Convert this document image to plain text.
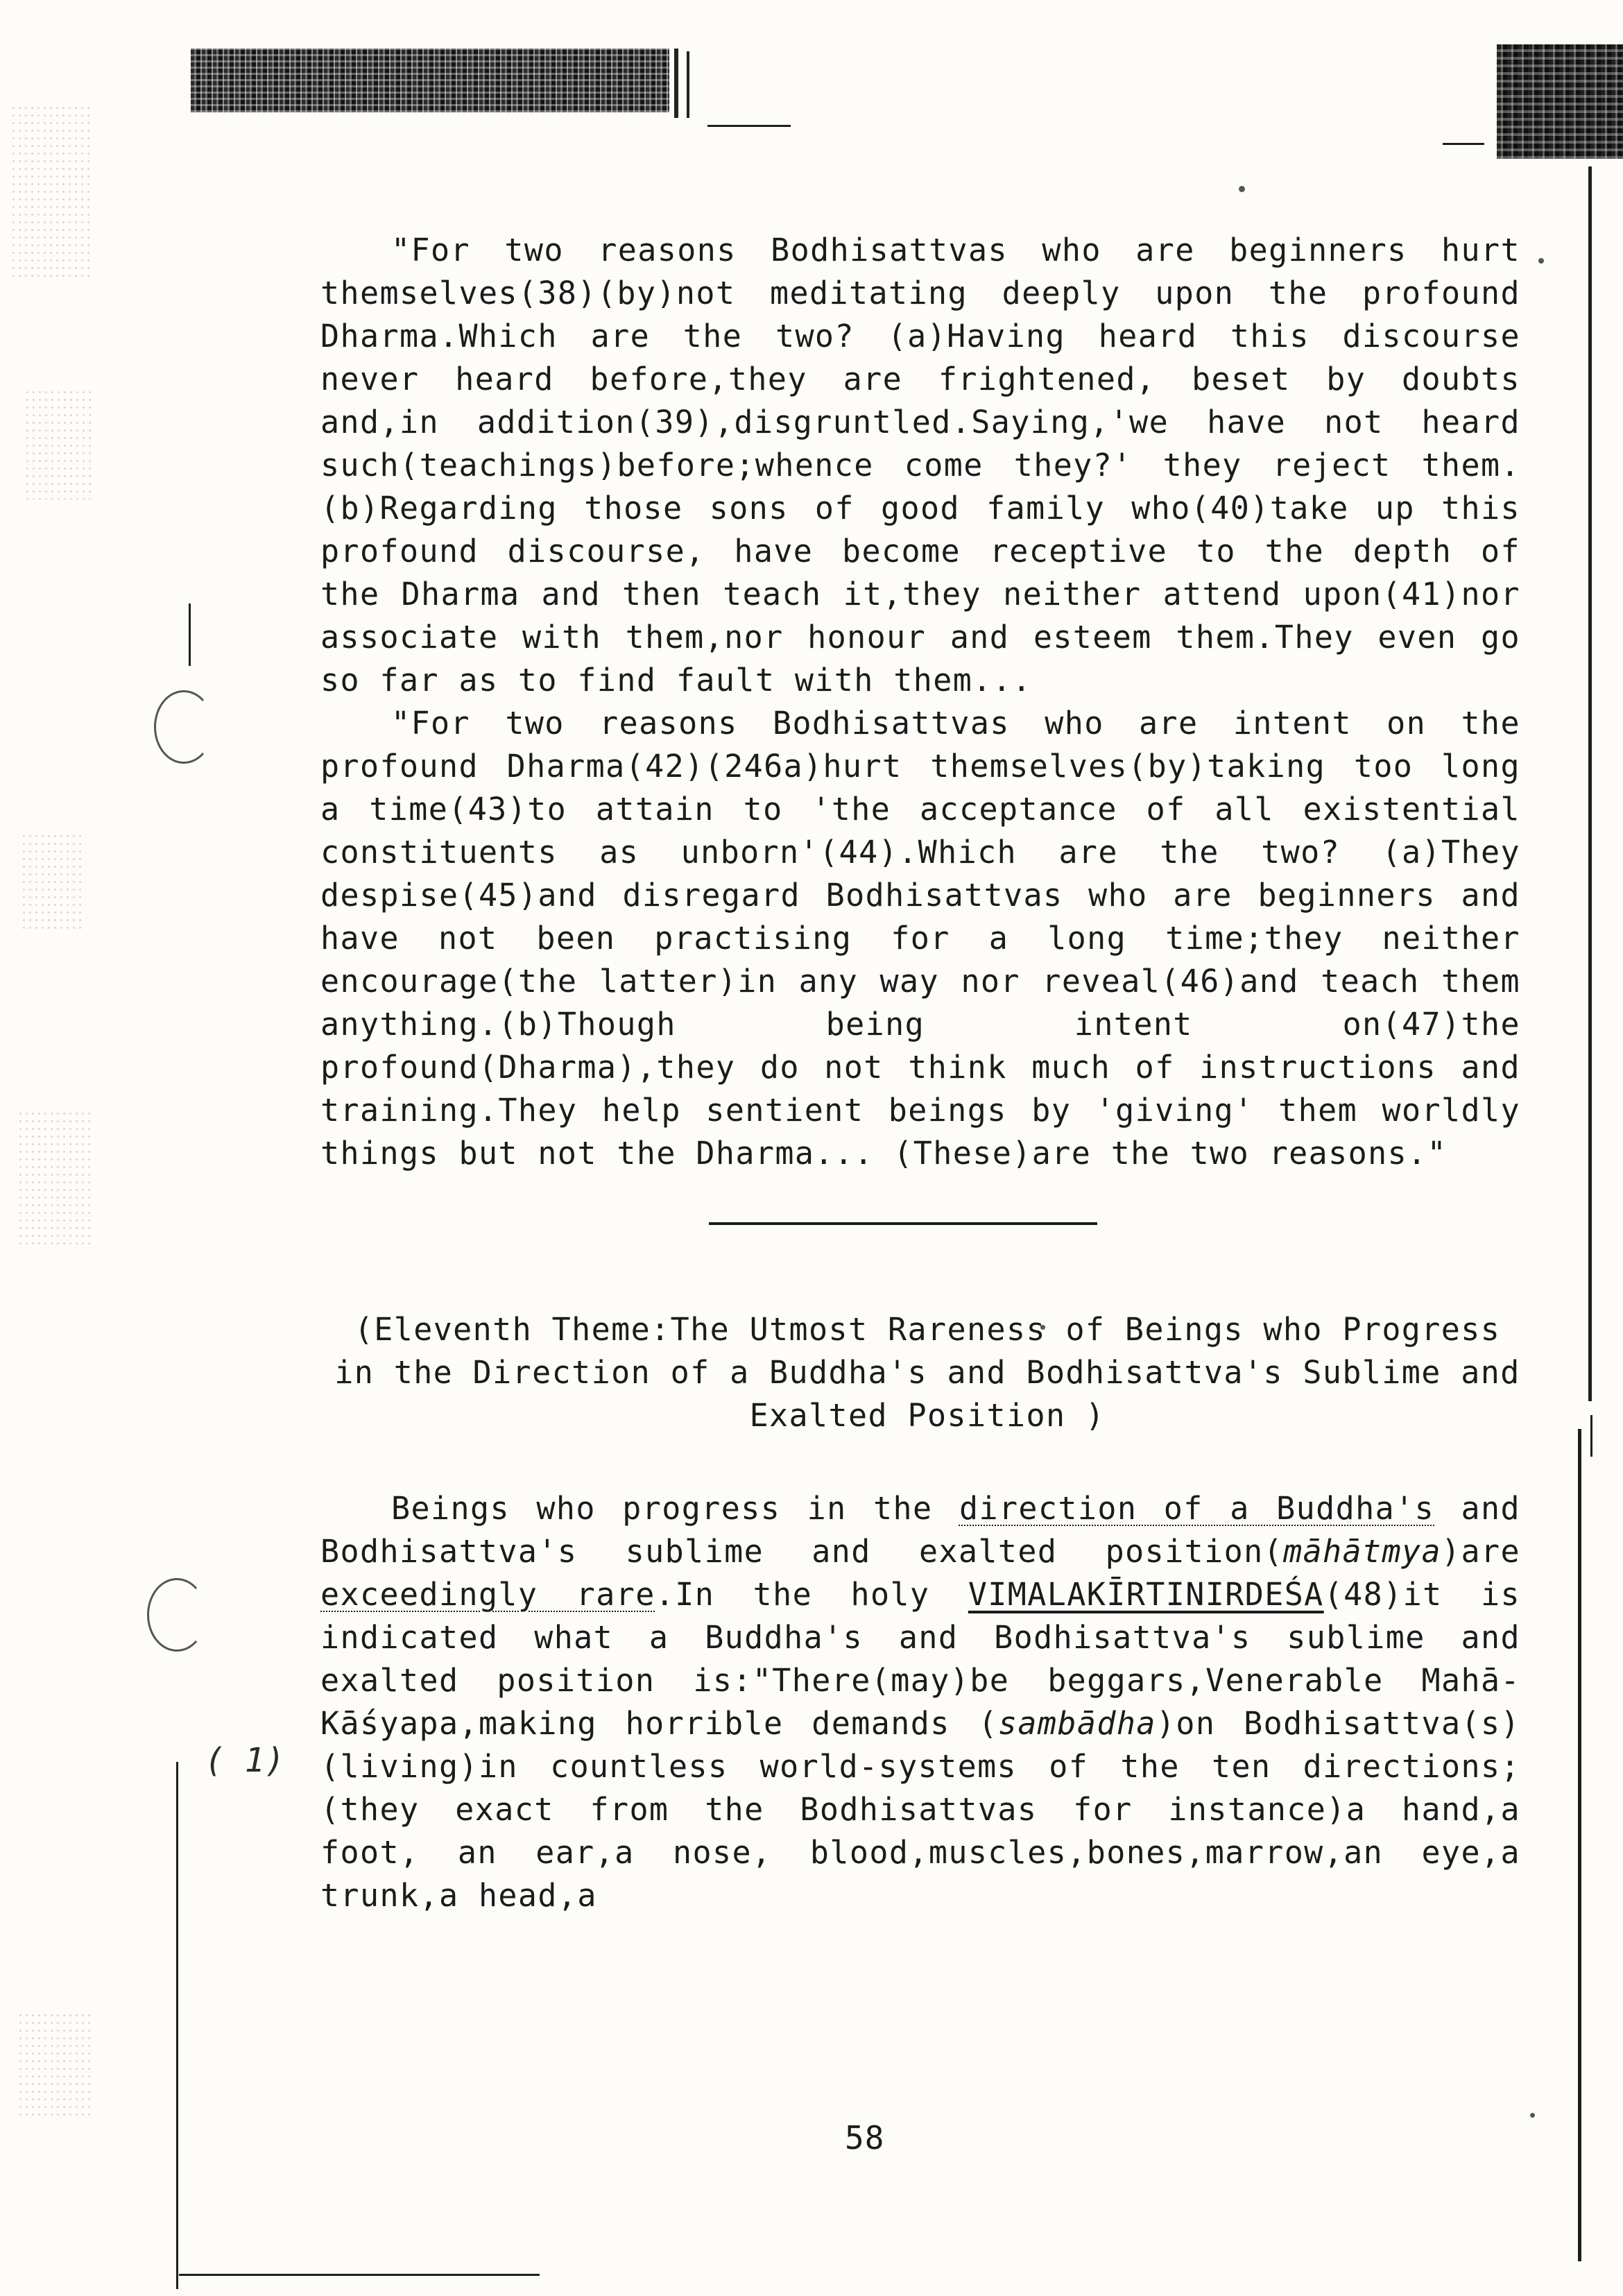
"For two reasons Bodhisattvas who are beginners hurt themselves(38)(by)not meditating deeply upon the profound Dharma.Which are the two? (a)Having heard this discourse never heard before,they are frightened, beset by doubts and,in addition(39),disgruntled.Saying,'we have not heard such(teachings)before;whence come they?' they reject them.(b)Regarding those sons of good family who(40)take up this profound discourse, have become receptive to the depth of the Dharma and then teach it,they neither attend upon(41)nor associate with them,nor honour and esteem them.They even go so far as to find fault with them...

"For two reasons Bodhisattvas who are intent on the profound Dharma(42)(246a)hurt themselves(by)taking too long a time(43)to attain to 'the acceptance of all existential constituents as unborn'(44).Which are the two? (a)They despise(45)and disregard Bodhisattvas who are beginners and have not been practising for a long time;they neither encourage(the latter)in any way nor reveal(46)and teach them anything.(b)Though being intent on(47)the profound(Dharma),they do not think much of instructions and training.They help sentient beings by 'giving' them worldly things but not the Dharma... (These)are the two reasons."

(Eleventh Theme:The Utmost Rareness of Beings who Progress in the Direction of a Buddha's and Bodhisattva's Sublime and Exalted Position )

Beings who progress in the direction of a Buddha's and Bodhisattva's sublime and exalted position(māhātmya)are exceedingly rare.In the holy VIMALAKĪRTINIRDEŚA(48)it is indicated what a Buddha's and Bodhisattva's sublime and exalted position is:"There(may)be beggars,Venerable Mahā-Kāśyapa,making horrible demands (sambādha)on Bodhisattva(s)(living)in countless world-systems of the ten directions;(they exact from the Bodhisattvas for instance)a hand,a foot, an ear,a nose, blood,muscles,bones,marrow,an eye,a trunk,a head,a

( 1)
58
